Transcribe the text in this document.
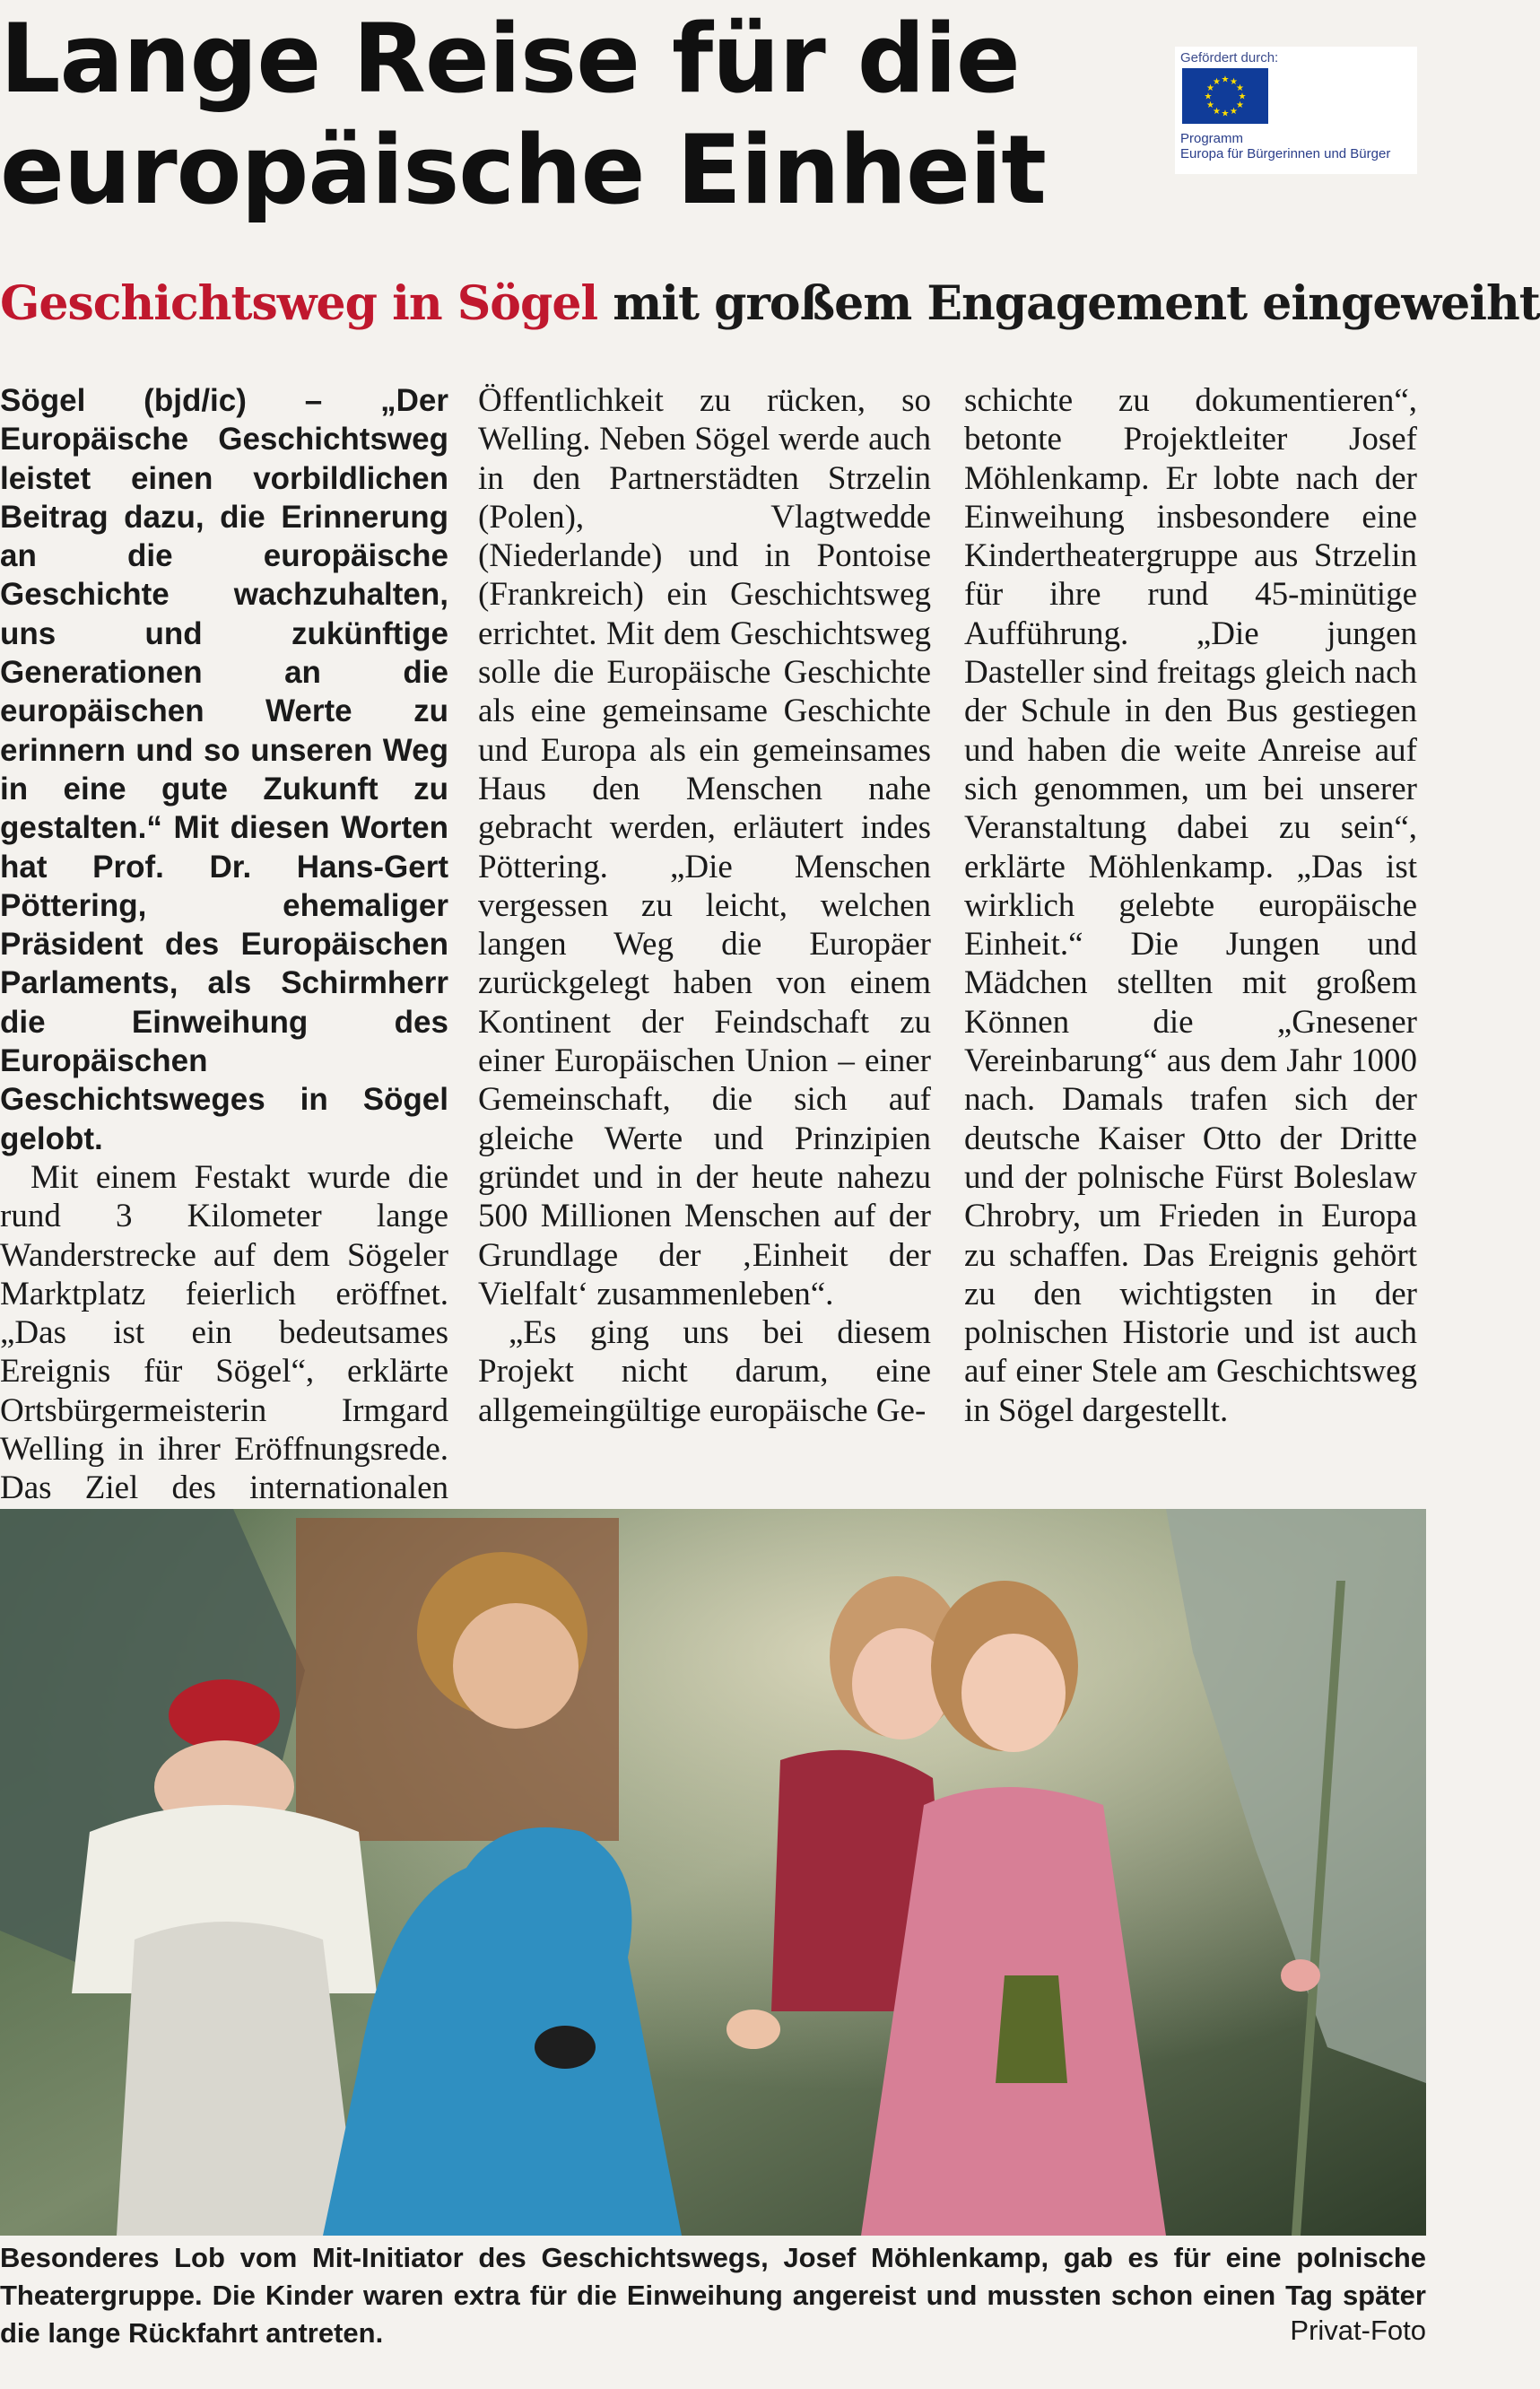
Lange Reise für die europäische Einheit
Geschichtsweg in Sögel mit großem Engagement eingeweiht
Gefördert durch:
★ ★
★
★
★
★
★
★
★
★
★
★
Programm
Europa für Bürgerinnen und Bürger

Sögel (bjd/ic) – „Der Europäische Geschichtsweg leistet einen vorbildlichen Beitrag dazu, die Erinnerung an die europäische Geschichte wachzuhalten, uns und zukünftige Generationen an die europäischen Werte zu erinnern und so unseren Weg in eine gute Zukunft zu gestalten.“ Mit diesen Worten hat Prof. Dr. Hans-Gert Pöttering, ehemaliger Präsident des Europäischen Parlaments, als Schirmherr die Einweihung des Europäischen Geschichtsweges in Sögel gelobt.

Mit einem Festakt wurde die rund 3 Kilometer lange Wanderstrecke auf dem Sögeler Marktplatz feierlich eröffnet. „Das ist ein bedeutsames Ereignis für Sögel“, erklärte Ortsbürgermeisterin Irmgard Welling in ihrer Eröffnungsrede. Das Ziel des internationalen

Öffentlichkeit zu rücken, so Welling. Neben Sögel werde auch in den Partnerstädten Strzelin (Polen), Vlagtwedde (Niederlande) und in Pontoise (Frankreich) ein Geschichtsweg errichtet. Mit dem Geschichtsweg solle die Europäische Geschichte als eine gemeinsame Geschichte und Europa als ein gemeinsames Haus den Menschen nahe gebracht werden, erläutert indes Pöttering. „Die Menschen vergessen zu leicht, welchen langen Weg die Europäer zurückgelegt haben von einem Kontinent der Feindschaft zu einer Europäischen Union – einer Gemeinschaft, die sich auf gleiche Werte und Prinzipien gründet und in der heute nahezu 500 Millionen Menschen auf der Grundlage der ‚Einheit der Vielfalt‘ zusammenleben“.

„Es ging uns bei diesem Projekt nicht darum, eine allgemeingültige europäische Ge-

schichte zu dokumentieren“, betonte Projektleiter Josef Möhlenkamp. Er lobte nach der Einweihung insbesondere eine Kindertheatergruppe aus Strzelin für ihre rund 45-minütige Aufführung. „Die jungen Dasteller sind freitags gleich nach der Schule in den Bus gestiegen und haben die weite Anreise auf sich genommen, um bei unserer Veranstaltung dabei zu sein“, erklärte Möhlenkamp. „Das ist wirklich gelebte europäische Einheit.“ Die Jungen und Mädchen stellten mit großem Können die „Gnesener Vereinbarung“ aus dem Jahr 1000 nach. Damals trafen sich der deutsche Kaiser Otto der Dritte und der polnische Fürst Boleslaw Chrobry, um Frieden in Europa zu schaffen. Das Ereignis gehört zu den wichtigsten in der polnischen Historie und ist auch auf einer Stele am Geschichtsweg in Sögel dargestellt.

Besonderes Lob vom Mit-Initiator des Geschichtswegs, Josef Möhlenkamp, gab es für eine polnische Theatergruppe. Die Kinder waren extra für die Einweihung angereist und mussten schon einen Tag später die lange Rückfahrt antreten.	Privat-Foto
